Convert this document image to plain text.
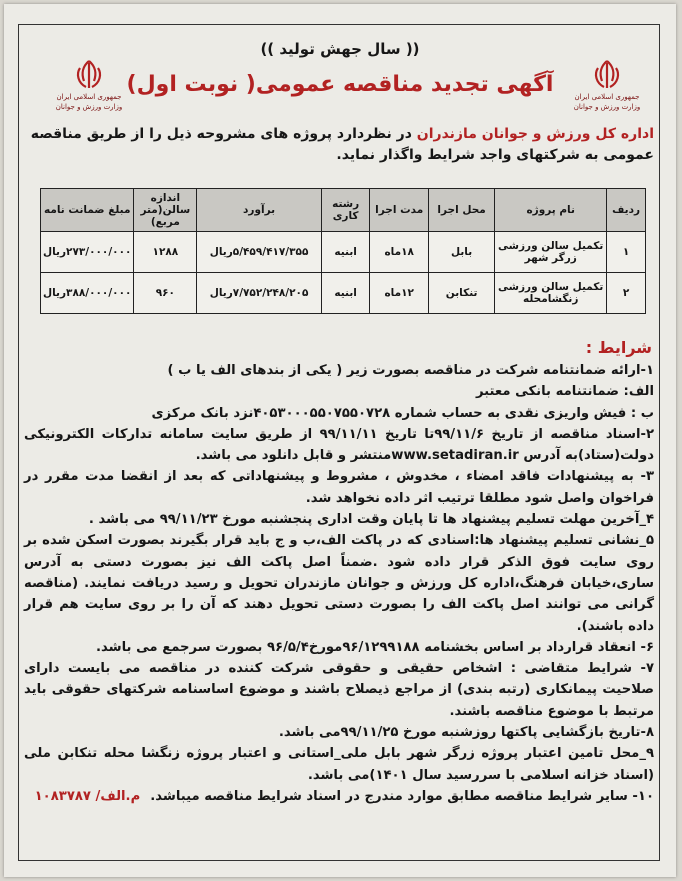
جمهوری اسلامی ایران
وزارت ورزش و جوانان
جمهوری اسلامی ایران
وزارت ورزش و جوانان
(( سال جهش تولید ))
آگهی تجدید مناقصه عمومی( نوبت اول)
اداره کل ورزش و جوانان مازندران در نظردارد پروژه های مشروحه ذیل را از طریق مناقصه عمومی به شرکتهای واجد شرایط واگذار نماید.
ردیف	نام پروژه	محل اجرا	مدت اجرا	رشته کاری	برآورد	اندازه سالن(متر مربع)	مبلغ ضمانت نامه
۱	تکمیل سالن ورزشی زرگر شهر	بابل	۱۸ماه	ابنیه	۵/۴۵۹/۴۱۷/۳۵۵ریال	۱۲۸۸	۲۷۳/۰۰۰/۰۰۰ریال
۲	تکمیل سالن ورزشی زنگشامحله	تنکابن	۱۲ماه	ابنیه	۷/۷۵۲/۲۴۸/۲۰۵ریال	۹۶۰	۳۸۸/۰۰۰/۰۰۰ریال
شرایط :

۱-ارائه ضمانتنامه شرکت در مناقصه بصورت زیر ( یکی از بندهای الف یا ب )

الف: ضمانتنامه بانکی معتبر

ب : فیش واریزی نقدی به حساب شماره ۴۰۵۳۰۰۰۵۵۰۷۵۵۰۷۲۸نزد بانک مرکزی

۲-اسناد مناقصه از تاریخ ۹۹/۱۱/۶تا تاریخ ۹۹/۱۱/۱۱ از طریق سایت سامانه تدارکات الکترونیکی دولت(ستاد)به آدرس www.setadiran.irمنتشر و قابل دانلود می باشد.

۳- به پیشنهادات فاقد امضاء ، مخدوش ، مشروط و پیشنهاداتی که بعد از انقضا مدت مقرر در فراخوان واصل شود مطلقا ترتیب اثر داده نخواهد شد.

۴_آخرین مهلت تسلیم پیشنهاد ها تا پایان وقت اداری پنجشنبه مورخ ۹۹/۱۱/۲۳ می باشد .

۵_نشانی تسلیم پیشنهاد ها:اسنادی که در پاکت الف،ب و ج باید قرار بگیرند بصورت اسکن شده بر روی سایت فوق الذکر قرار داده شود .ضمناً اصل پاکت الف نیز بصورت دستی به آدرس ساری،خیابان فرهنگ،اداره کل ورزش و جوانان مازندران تحویل و رسید دریافت نمایند. (مناقصه گرانی می توانند اصل پاکت الف را بصورت دستی تحویل دهند که آن را بر روی سایت هم قرار داده باشند).

۶- انعقاد قرارداد بر اساس بخشنامه ۹۶/۱۲۹۹۱۸۸مورخ۹۶/۵/۴ بصورت سرجمع می باشد.

۷- شرایط متقاضی : اشخاص حقیقی و حقوقی شرکت کننده در مناقصه می بایست دارای صلاحیت پیمانکاری (رتبه بندی) از مراجع ذیصلاح باشند و موضوع اساسنامه شرکتهای حقوقی باید مرتبط با موضوع مناقصه باشند.

۸-تاریخ بازگشایی پاکتها روزشنبه مورخ ۹۹/۱۱/۲۵می باشد.

۹_محل تامین اعتبار پروژه زرگر شهر بابل ملی_استانی و اعتبار پروژه زنگشا محله تنکابن ملی (اسناد خزانه اسلامی با سررسید سال ۱۴۰۱)می باشد.

۱۰- سایر شرایط مناقصه مطابق موارد مندرج در اسناد شرایط مناقصه میباشد.م.الف/ ۱۰۸۳۷۸۷
